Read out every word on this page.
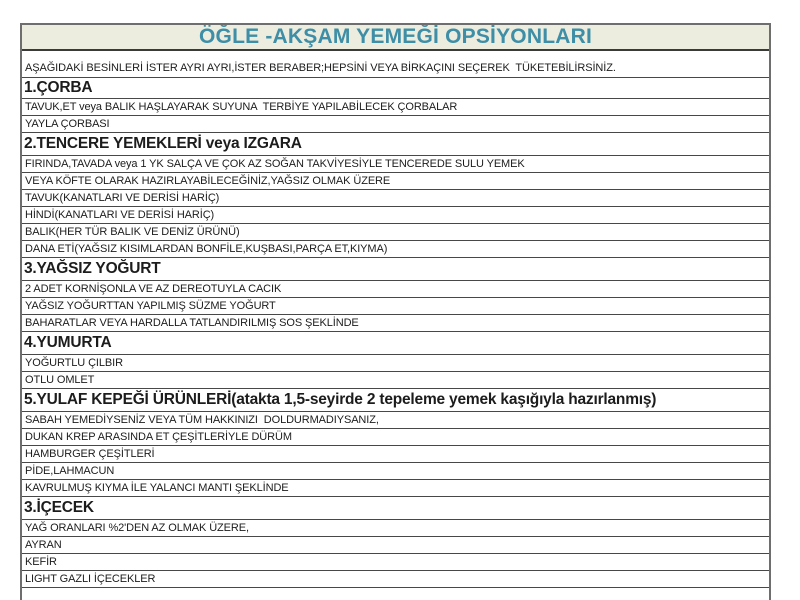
ÖĞLE -AKŞAM YEMEĞİ OPSİYONLARI
AŞAĞIDAKİ BESİNLERİ İSTER AYRI AYRI,İSTER BERABER;HEPSİNİ VEYA BİRKAÇINI SEÇEREK  TÜKETEBİLİRSİNİZ.
1.ÇORBA
TAVUK,ET veya BALIK HAŞLAYARAK SUYUNA  TERBİYE YAPILABİLECEK ÇORBALAR
YAYLA ÇORBASI
2.TENCERE YEMEKLERİ veya IZGARA
FIRINDA,TAVADA veya 1 YK SALÇA VE ÇOK AZ SOĞAN TAKVİYESİYLE TENCEREDE SULU YEMEK
VEYA KÖFTE OLARAK HAZIRLAYABİLECEĞİNİZ,YAĞSIZ OLMAK ÜZERE
TAVUK(KANATLARI VE DERİSİ HARİÇ)
HİNDİ(KANATLARI VE DERİSİ HARİÇ)
BALIK(HER TÜR BALIK VE DENİZ ÜRÜNÜ)
DANA ETİ(YAĞSIZ KISIMLARDAN BONFİLE,KUŞBASI,PARÇA ET,KIYMA)
3.YAĞSIZ YOĞURT
2 ADET KORNİŞONLA VE AZ DEREOTUYLA CACIK
YAĞSIZ YOĞURTTAN YAPILMIŞ SÜZME YOĞURT
BAHARATLAR VEYA HARDALLA TATLANDIRILMIŞ SOS ŞEKLİNDE
4.YUMURTA
YOĞURTLU ÇILBIR
OTLU OMLET
5.YULAF KEPEĞİ ÜRÜNLERİ(atakta 1,5-seyirde 2 tepeleme yemek kaşığıyla hazırlanmış)
SABAH YEMEDİYSENİZ VEYA TÜM HAKKINIZI  DOLDURMADIYSANIZ,
DUKAN KREP ARASINDA ET ÇEŞİTLERİYLE DÜRÜM
HAMBURGER ÇEŞİTLERİ
PİDE,LAHMACUN
KAVRULMUŞ KIYMA İLE YALANCI MANTI ŞEKLİNDE
3.İÇECEK
YAĞ ORANLARI %2'DEN AZ OLMAK ÜZERE,
AYRAN
KEFİR
LIGHT GAZLI İÇECEKLER
